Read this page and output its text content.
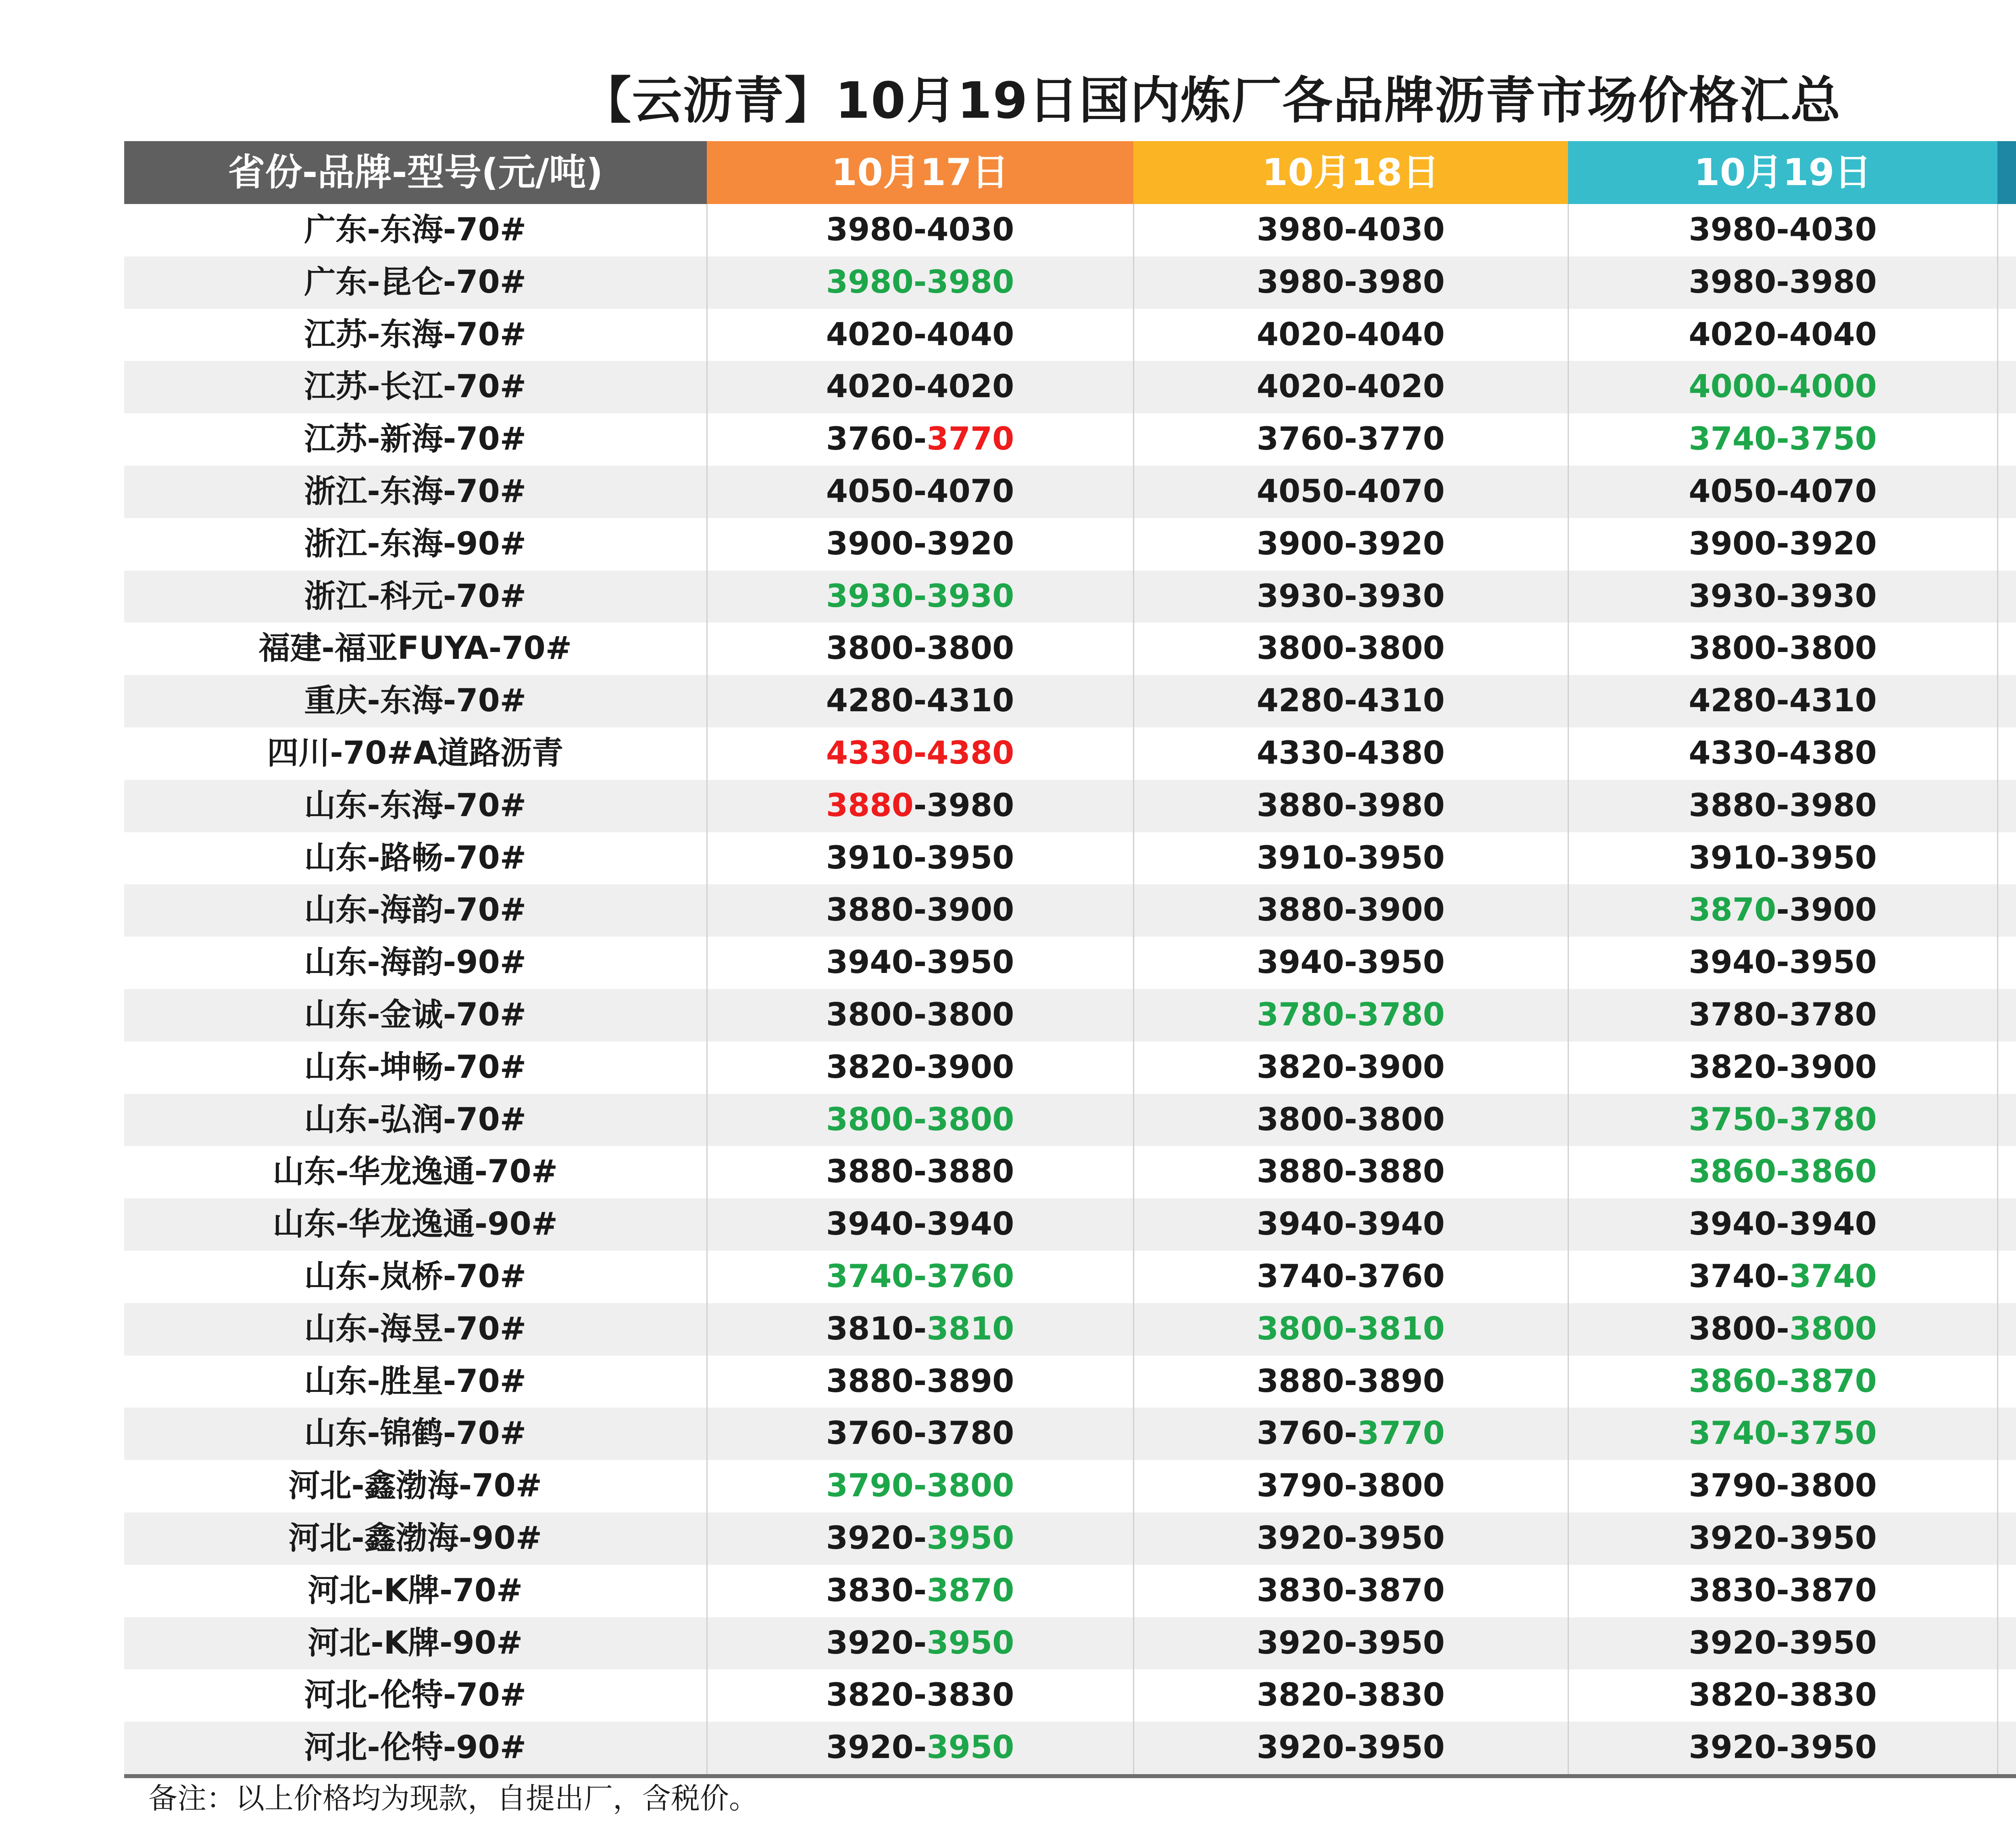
【云沥青】10月19日国内炼厂各品牌沥青市场价格汇总
省份-品牌-型号(元/吨)	10月17日	10月18日	10月19日	
广东-东海-70#	3980-4030	3980-4030	3980-4030	
广东-昆仑-70#	3980-3980	3980-3980	3980-3980	
江苏-东海-70#	4020-4040	4020-4040	4020-4040	
江苏-长江-70#	4020-4020	4020-4020	4000-4000	
江苏-新海-70#	3760-3770	3760-3770	3740-3750	
浙江-东海-70#	4050-4070	4050-4070	4050-4070	
浙江-东海-90#	3900-3920	3900-3920	3900-3920	
浙江-科元-70#	3930-3930	3930-3930	3930-3930	
福建-福亚FUYA-70#	3800-3800	3800-3800	3800-3800	
重庆-东海-70#	4280-4310	4280-4310	4280-4310	
四川-70#A道路沥青	4330-4380	4330-4380	4330-4380	
山东-东海-70#	3880-3980	3880-3980	3880-3980	
山东-路畅-70#	3910-3950	3910-3950	3910-3950	
山东-海韵-70#	3880-3900	3880-3900	3870-3900	
山东-海韵-90#	3940-3950	3940-3950	3940-3950	
山东-金诚-70#	3800-3800	3780-3780	3780-3780	
山东-坤畅-70#	3820-3900	3820-3900	3820-3900	
山东-弘润-70#	3800-3800	3800-3800	3750-3780	
山东-华龙逸通-70#	3880-3880	3880-3880	3860-3860	
山东-华龙逸通-90#	3940-3940	3940-3940	3940-3940	
山东-岚桥-70#	3740-3760	3740-3760	3740-3740	
山东-海昱-70#	3810-3810	3800-3810	3800-3800	
山东-胜星-70#	3880-3890	3880-3890	3860-3870	
山东-锦鹤-70#	3760-3780	3760-3770	3740-3750	
河北-鑫渤海-70#	3790-3800	3790-3800	3790-3800	
河北-鑫渤海-90#	3920-3950	3920-3950	3920-3950	
河北-K牌-70#	3830-3870	3830-3870	3830-3870	
河北-K牌-90#	3920-3950	3920-3950	3920-3950	
河北-伦特-70#	3820-3830	3820-3830	3820-3830	
河北-伦特-90#	3920-3950	3920-3950	3920-3950	
备注：以上价格均为现款，自提出厂，含税价。
